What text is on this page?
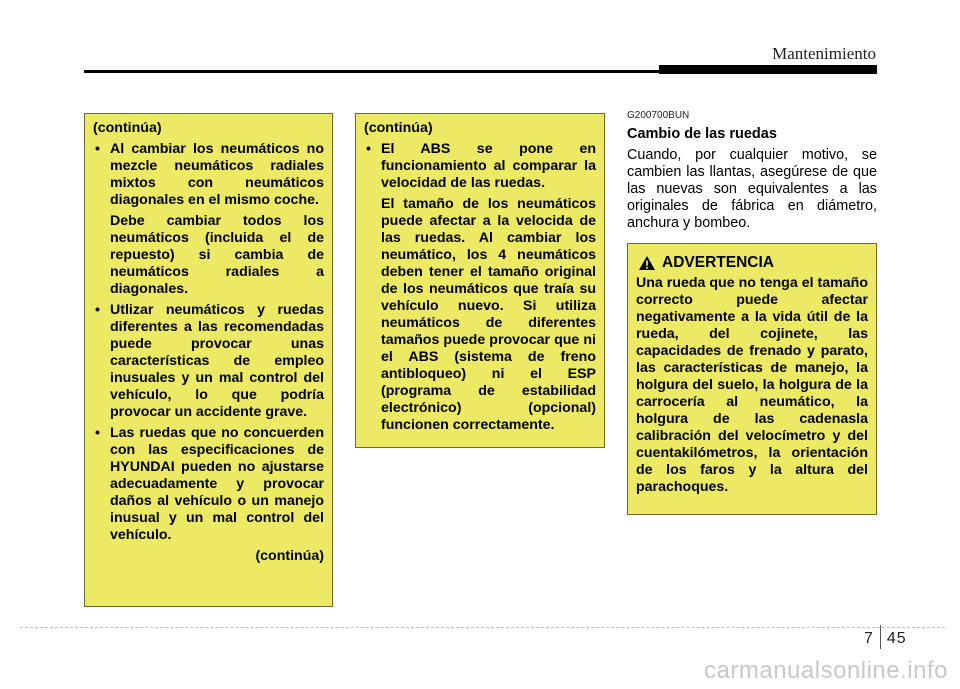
Mantenimiento

(continúa)

• Al cambiar los neumáticos no mezcle neumáticos radiales mixtos con neumáticos diagonales en el mismo coche.

Debe cambiar todos los neumáticos (incluida el de repuesto) si cambia de neumáticos radiales a diagonales.

• Utlizar neumáticos y ruedas diferentes a las recomendadas puede provocar unas características de empleo inusuales y un mal control del vehículo, lo que podría provocar un accidente grave.
• Las ruedas que no concuerden con las especificaciones de HYUNDAI pueden no ajustarse adecuadamente y provocar daños al vehículo o un manejo inusual y un mal control del vehículo.
(continúa)

(continúa)

• El ABS se pone en funcionamiento al comparar la velocidad de las ruedas.

El tamaño de los neumáticos puede afectar a la velocida de las ruedas. Al cambiar los neumático, los 4 neumáticos deben tener el tamaño original de los neumáticos que traía su vehículo nuevo. Si utiliza neumáticos de diferentes tamaños puede provocar que ni el ABS (sistema de freno antibloqueo) ni el ESP (programa de estabilidad electrónico) (opcional) funcionen correctamente.

G200700BUN

Cambio de las ruedas

Cuando, por cualquier motivo, se cambien las llantas, asegúrese de que las nuevas son equivalentes a las originales de fábrica en diámetro, anchura y bombeo.

ADVERTENCIA
Una rueda que no tenga el tamaño correcto puede afectar negativamente a la vida útil de la rueda, del cojinete, las capacidades de frenado y parato, las características de manejo, la holgura del suelo, la holgura de la carrocería al neumático, la holgura de las cadenasla calibración del velocímetro y del cuentakilómetros, la orientación de los faros y la altura del parachoques.
7 45
carmanualsonline.info
